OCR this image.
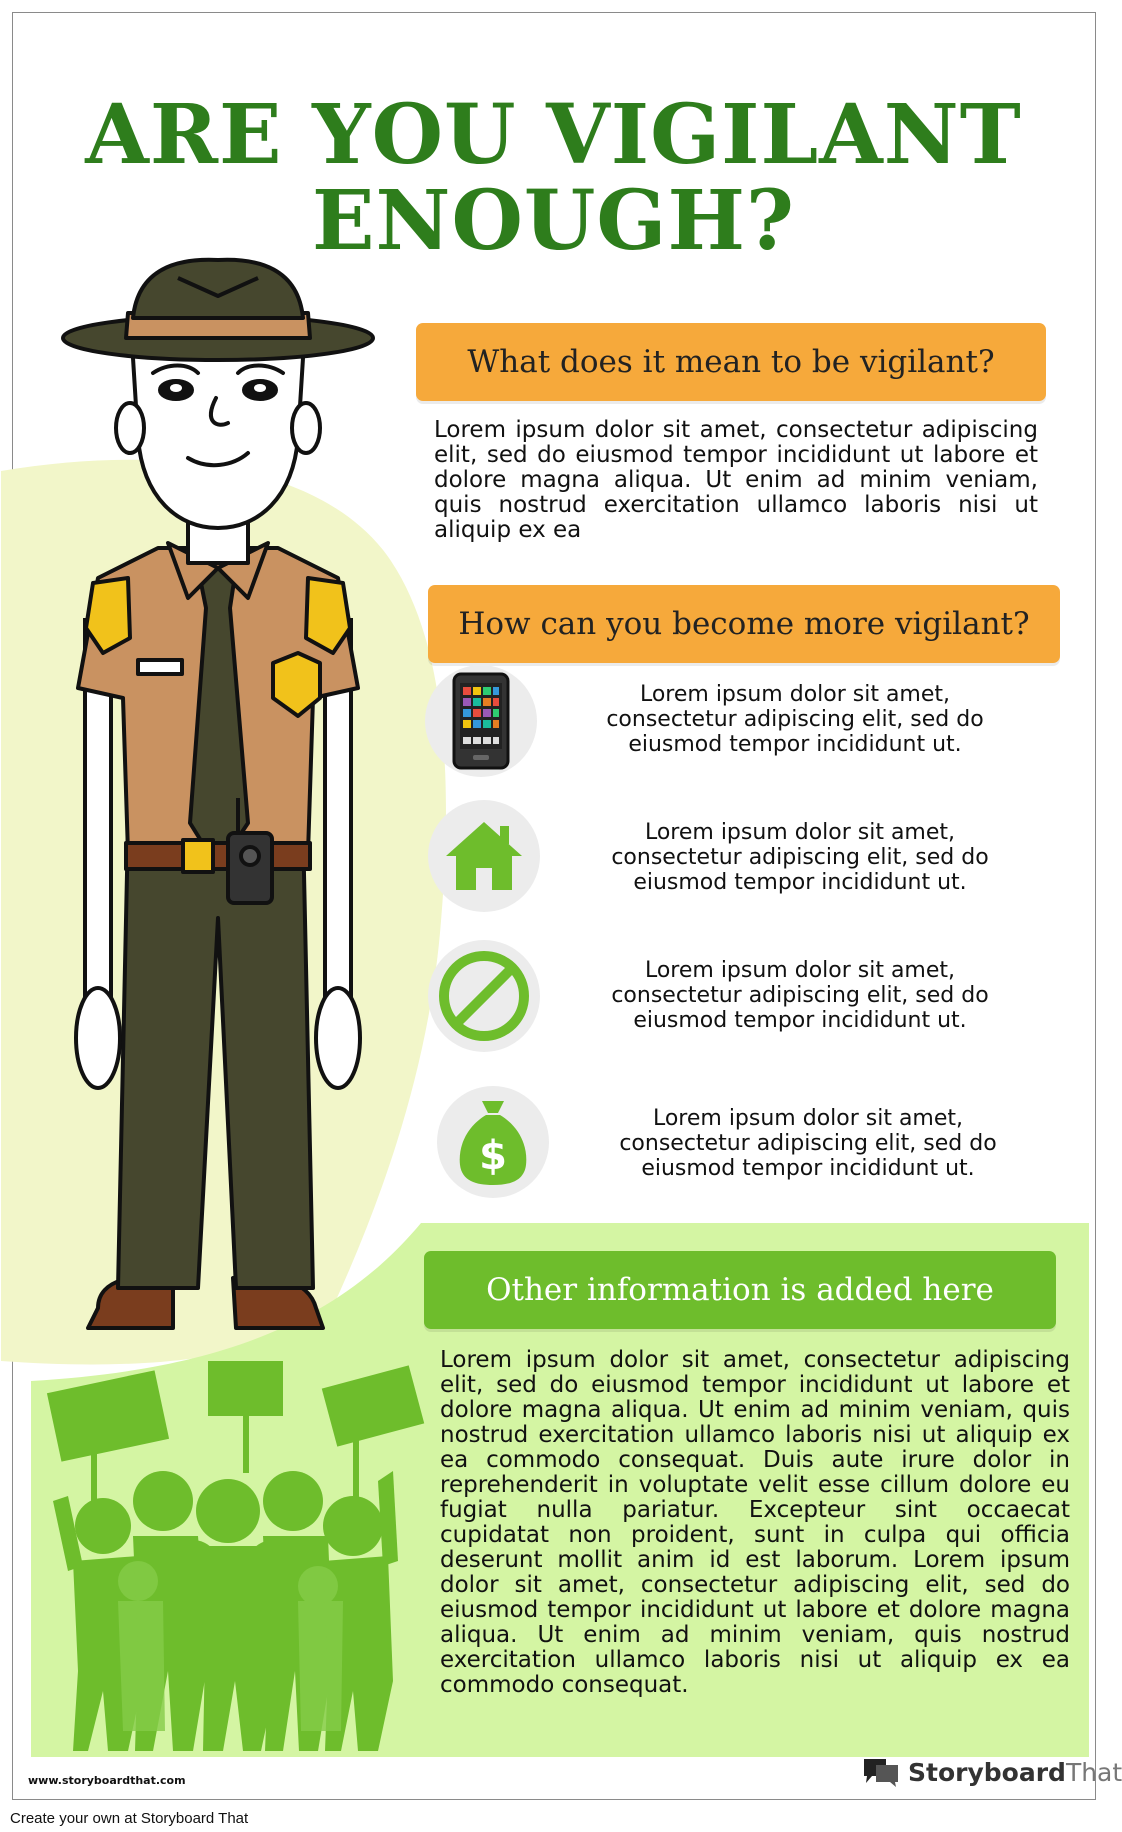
ARE YOU VIGILANT
ENOUGH?
What does it mean to be vigilant?
Lorem ipsum dolor sit amet, consectetur adipiscing elit, sed do eiusmod tempor incididunt ut labore et dolore magna aliqua. Ut enim ad minim veniam, quis nostrud exercitation ullamco laboris nisi ut aliquip ex ea
How can you become more vigilant?
Lorem ipsum dolor sit amet, consectetur adipiscing elit, sed do eiusmod tempor incididunt ut.
Lorem ipsum dolor sit amet, consectetur adipiscing elit, sed do eiusmod tempor incididunt ut.
Lorem ipsum dolor sit amet, consectetur adipiscing elit, sed do eiusmod tempor incididunt ut.
$
Lorem ipsum dolor sit amet, consectetur adipiscing elit, sed do eiusmod tempor incididunt ut.
Other information is added here
Lorem ipsum dolor sit amet, consectetur adipiscing elit, sed do eiusmod tempor incididunt ut labore et dolore magna aliqua. Ut enim ad minim veniam, quis nostrud exercitation ullamco laboris nisi ut aliquip ex ea commodo consequat. Duis aute irure dolor in reprehenderit in voluptate velit esse cillum dolore eu fugiat nulla pariatur. Excepteur sint occaecat cupidatat non proident, sunt in culpa qui officia deserunt mollit anim id est laborum. Lorem ipsum dolor sit amet, consectetur adipiscing elit, sed do eiusmod tempor incididunt ut labore et dolore magna aliqua. Ut enim ad minim veniam, quis nostrud exercitation ullamco laboris nisi ut aliquip ex ea commodo consequat.
www.storyboardthat.com	Storyboard That
Create your own at Storyboard That
